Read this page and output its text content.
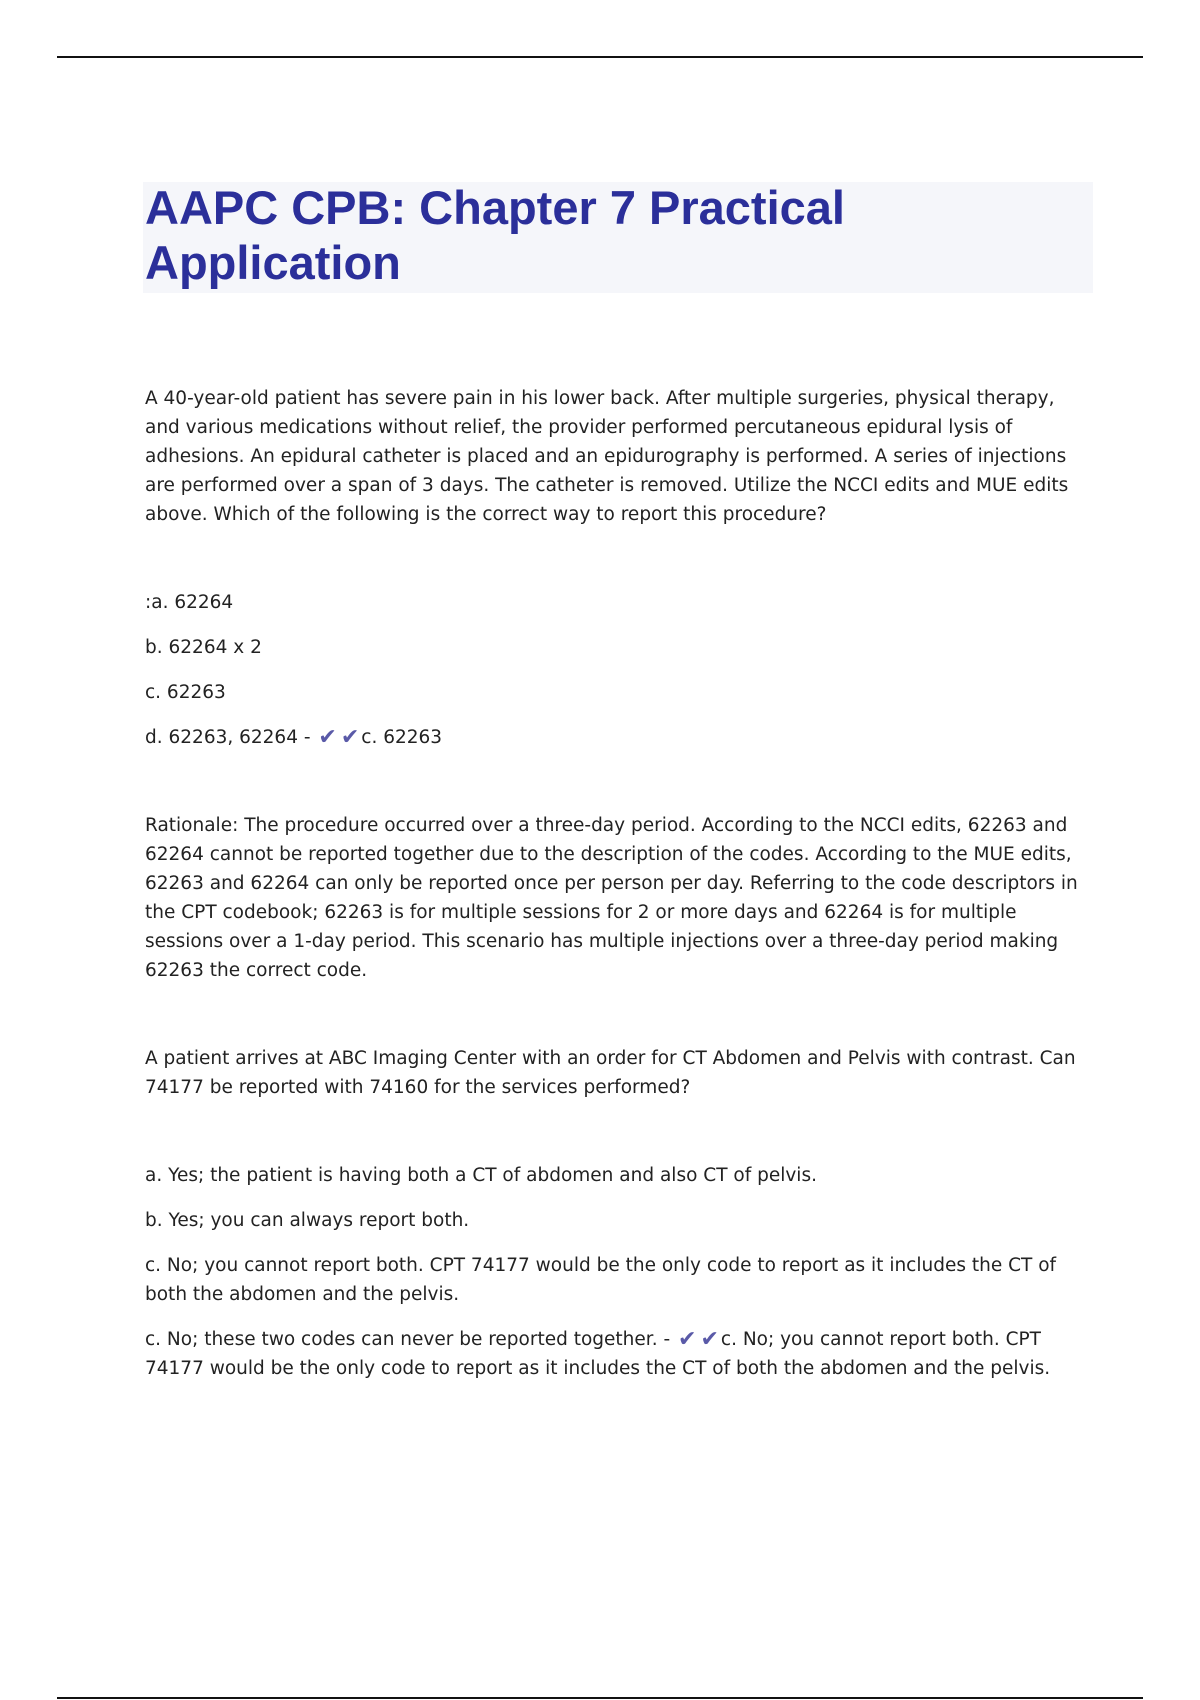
AAPC CPB: Chapter 7 Practical Application

A 40-year-old patient has severe pain in his lower back. After multiple surgeries, physical therapy, and various medications without relief, the provider performed percutaneous epidural lysis of adhesions. An epidural catheter is placed and an epidurography is performed. A series of injections are performed over a span of 3 days. The catheter is removed. Utilize the NCCI edits and MUE edits above. Which of the following is the correct way to report this procedure?

:a. 62264

b. 62264 x 2

c. 62263

d. 62263, 62264 - ✔ ✔ c. 62263

Rationale: The procedure occurred over a three-day period. According to the NCCI edits, 62263 and 62264 cannot be reported together due to the description of the codes. According to the MUE edits, 62263 and 62264 can only be reported once per person per day. Referring to the code descriptors in the CPT codebook; 62263 is for multiple sessions for 2 or more days and 62264 is for multiple sessions over a 1-day period. This scenario has multiple injections over a three-day period making 62263 the correct code.

A patient arrives at ABC Imaging Center with an order for CT Abdomen and Pelvis with contrast. Can 74177 be reported with 74160 for the services performed?

a. Yes; the patient is having both a CT of abdomen and also CT of pelvis.

b. Yes; you can always report both.

c. No; you cannot report both. CPT 74177 would be the only code to report as it includes the CT of both the abdomen and the pelvis.

c. No; these two codes can never be reported together. - ✔ ✔ c. No; you cannot report both. CPT 74177 would be the only code to report as it includes the CT of both the abdomen and the pelvis.
